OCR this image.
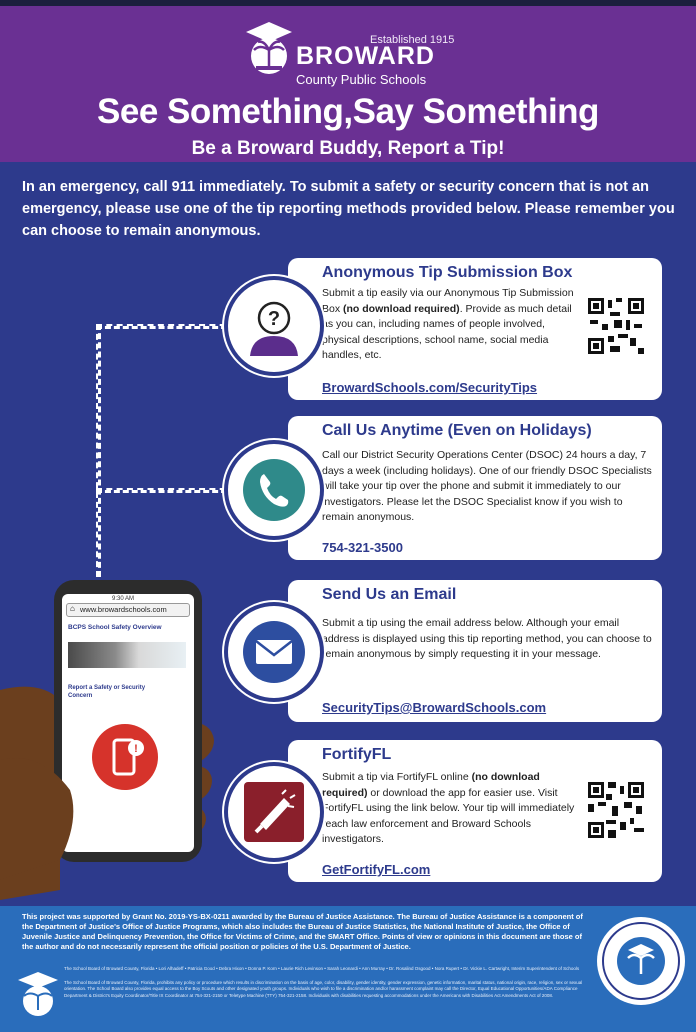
Established 1915
BROWARD
County Public Schools
See Something,Say Something
Be a Broward Buddy, Report a Tip!
In an emergency, call 911 immediately. To submit a safety or security concern that is not an emergency, please use one of the tip reporting methods provided below. Please remember you can choose to remain anonymous.
Anonymous Tip Submission Box
Submit a tip easily via our Anonymous Tip Submission Box (no download required). Provide as much detail as you can, including names of people involved, physical descriptions, school name, social media handles, etc.
BrowardSchools.com/SecurityTips
?
Call Us Anytime (Even on Holidays)
Call our District Security Operations Center (DSOC) 24 hours a day, 7 days a week (including holidays). One of our friendly DSOC Specialists will take your tip over the phone and submit it immediately to our investigators. Please let the DSOC Specialist know if you wish to remain anonymous.
754-321-3500
Send Us an Email
Submit a tip using the email address below. Although your email address is displayed using this tip reporting method, you can choose to remain anonymous by simply requesting it in your message.
SecurityTips@BrowardSchools.com
FortifyFL
Submit a tip via FortifyFL online (no download required) or download the app for easier use. Visit FortifyFL using the link below. Your tip will immediately reach law enforcement and Broward Schools investigators.
GetFortifyFL.com
9:30 AM
⌂ www.browardschools.com
BCPS School Safety Overview
Report a Safety or Security Concern
!
This project was supported by Grant No. 2019-YS-BX-0211 awarded by the Bureau of Justice Assistance. The Bureau of Justice Assistance is a component of the Department of Justice's Office of Justice Programs, which also includes the Bureau of Justice Statistics, the National Institute of Justice, the Office of Juvenile Justice and Delinquency Prevention, the Office for Victims of Crime, and the SMART Office. Points of view or opinions in this document are those of the author and do not necessarily represent the official position or policies of the U.S. Department of Justice.
The School Board of Broward County, Florida • Lori Alhadeff • Patricia Good • Debra Hixon • Donna P. Korn • Laurie Rich Levinson • Sarah Leonardi • Ann Murray • Dr. Rosalind Osgood • Nora Rupert • Dr. Vickie L. Cartwright, Interim Superintendent of Schools
The School Board of Broward County, Florida, prohibits any policy or procedure which results in discrimination on the basis of age, color, disability, gender identity, gender expression, genetic information, marital status, national origin, race, religion, sex or sexual orientation. The School Board also provides equal access to the Boy Scouts and other designated youth groups. Individuals who wish to file a discrimination and/or harassment complaint may call the Director, Equal Educational Opportunities/ADA Compliance Department & District's Equity Coordinator/Title IX Coordinator at 754-321-2150 or Teletype Machine (TTY) 754-321-2158. Individuals with disabilities requesting accommodations under the Americans with Disabilities Act Amendments Act of 2008.
